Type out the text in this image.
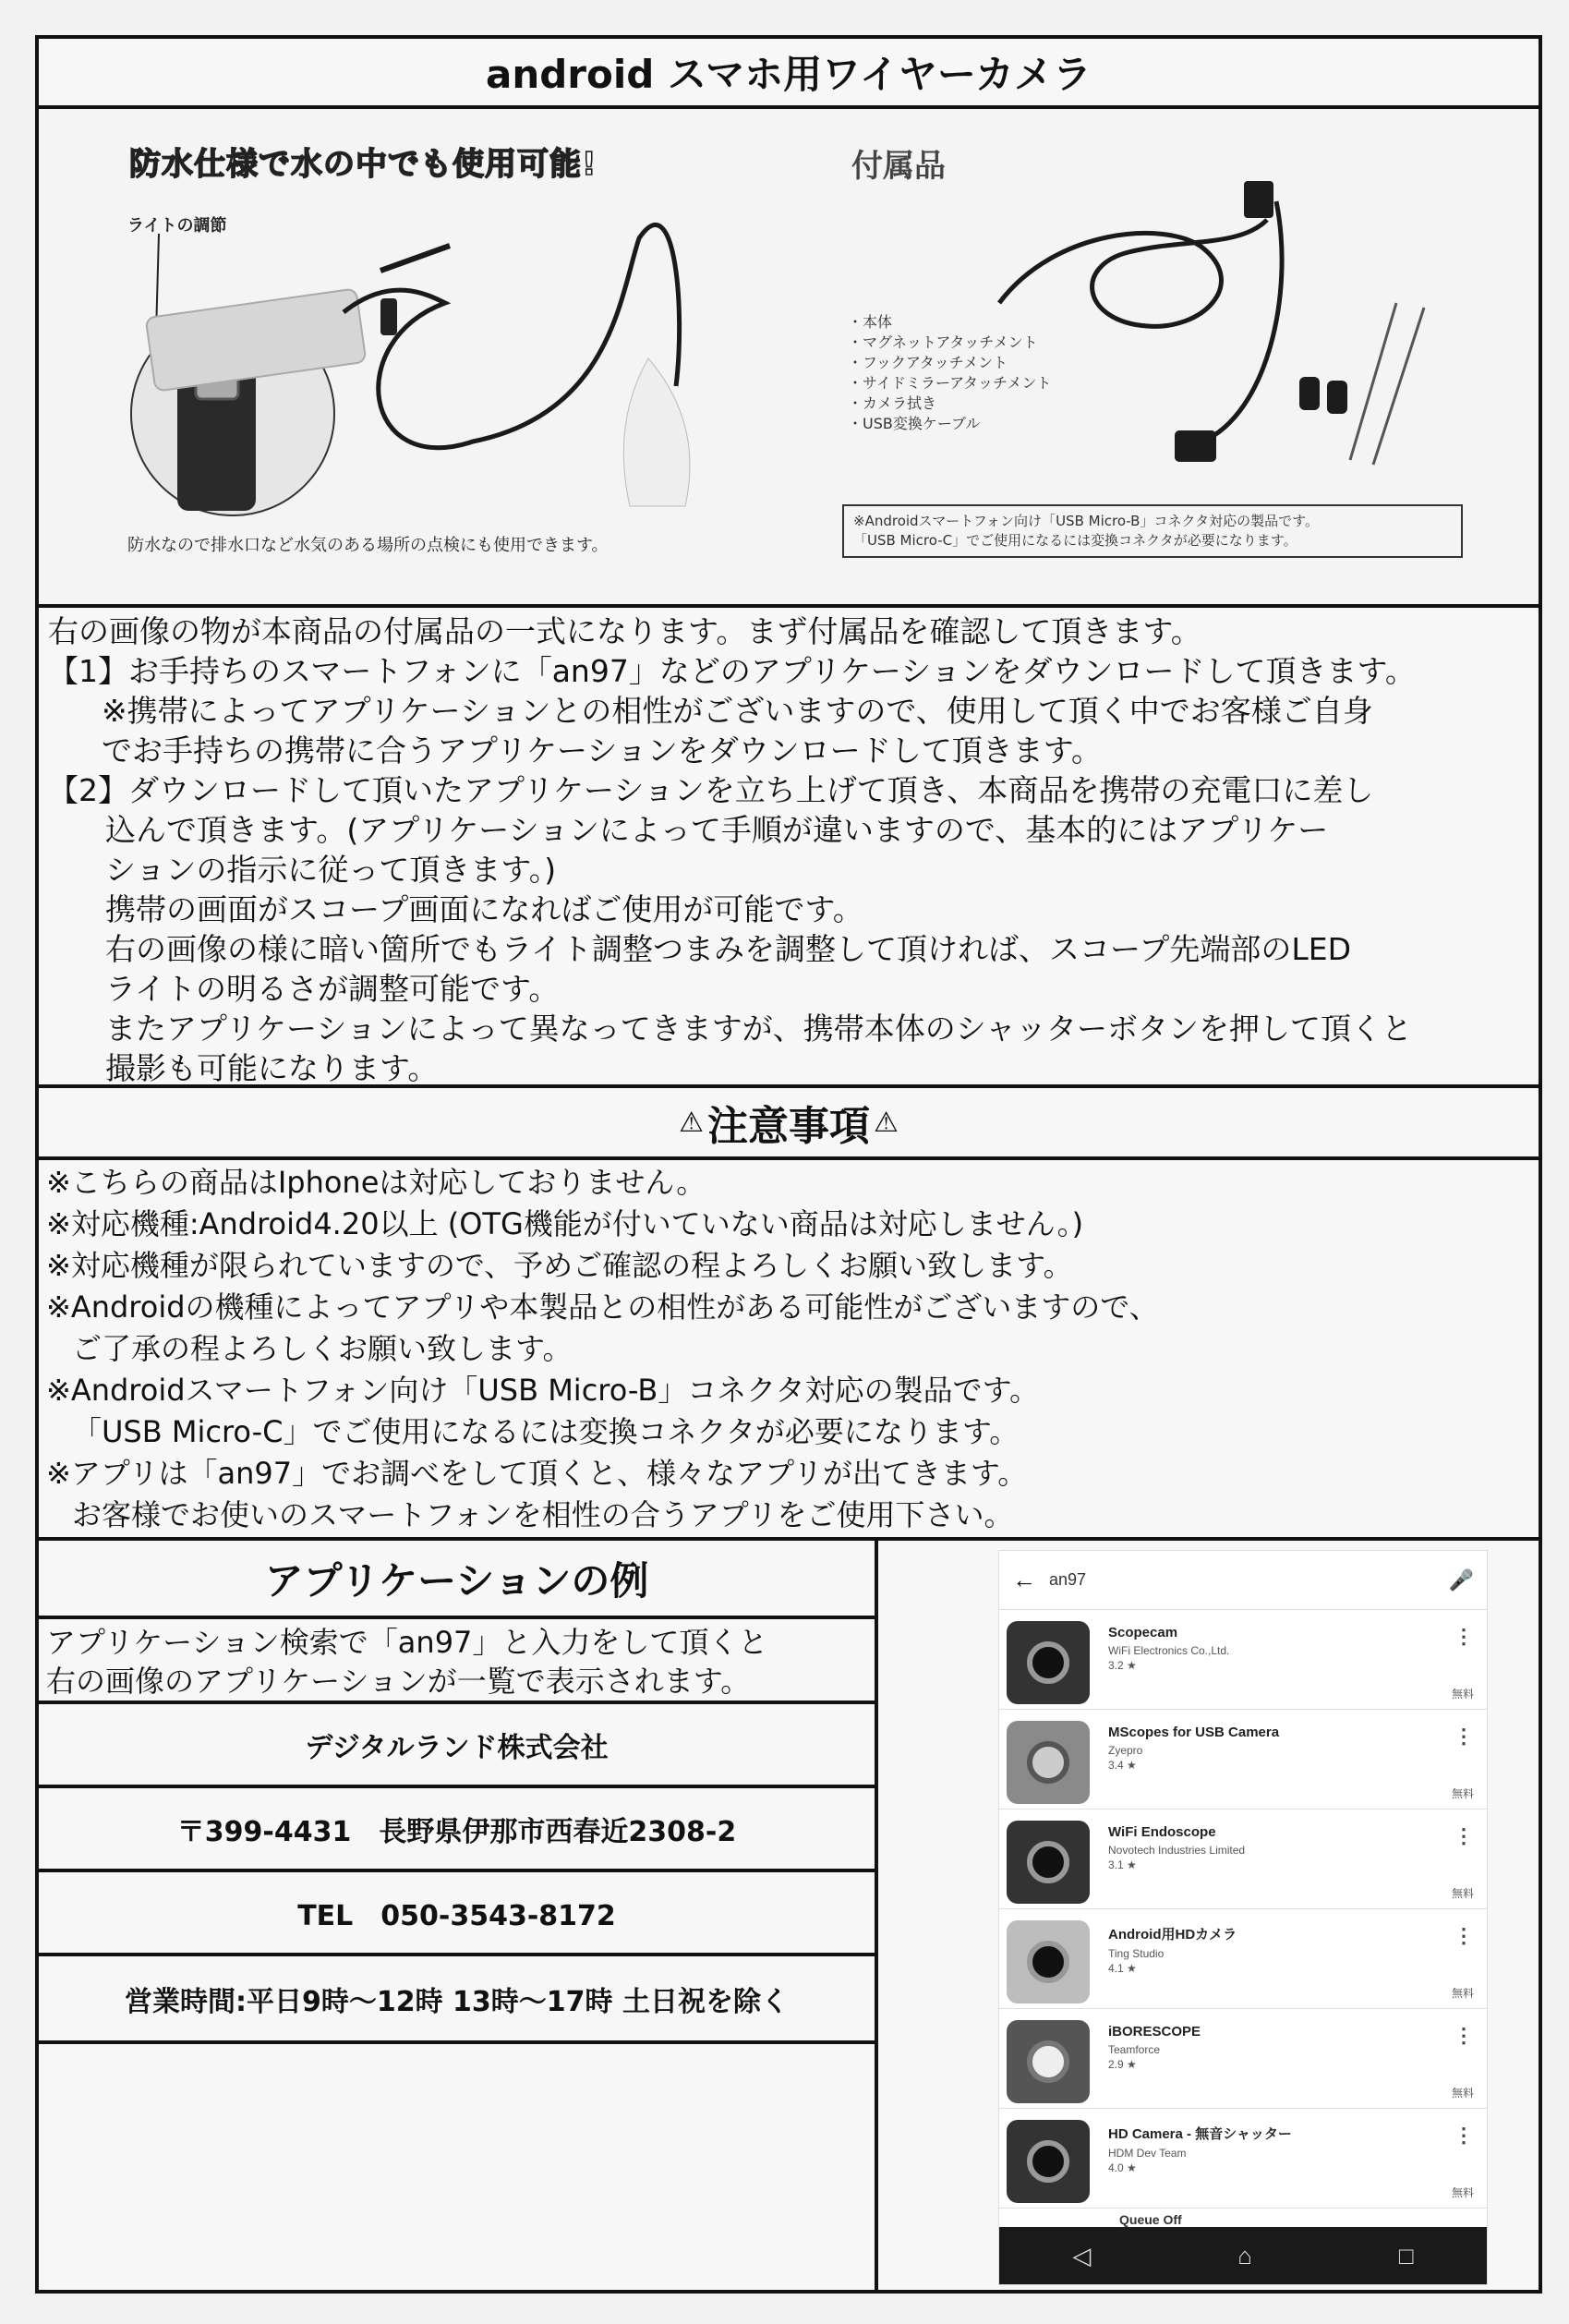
android スマホ用ワイヤーカメラ
防水仕様で水の中でも使用可能!
ライトの調節
防水なので排水口など水気のある場所の点検にも使用できます。
付属品
・ 本体
・ マグネットアタッチメント
・ フックアタッチメント
・ サイドミラーアタッチメント
・ カメラ拭き
・ USB変換ケーブル
※Androidスマートフォン向け「USB Micro-B」コネクタ対応の製品です。
「USB Micro-C」でご使用になるには変換コネクタが必要になります。
右の画像の物が本商品の付属品の一式になります。まず付属品を確認して頂きます。
【1】お手持ちのスマートフォンに「an97」などのアプリケーションをダウンロードして頂きます。
※携帯によってアプリケーションとの相性がございますので、使用して頂く中でお客様ご自身
でお手持ちの携帯に合うアプリケーションをダウンロードして頂きます。
【2】ダウンロードして頂いたアプリケーションを立ち上げて頂き、本商品を携帯の充電口に差し
込んで頂きます。(アプリケーションによって手順が違いますので、基本的にはアプリケー
ションの指示に従って頂きます。)
携帯の画面がスコープ画面になればご使用が可能です。
右の画像の様に暗い箇所でもライト調整つまみを調整して頂ければ、スコープ先端部のLED
ライトの明るさが調整可能です。
またアプリケーションによって異なってきますが、携帯本体のシャッターボタンを押して頂くと
撮影も可能になります。
⚠ 注意事項 ⚠
※こちらの商品はIphoneは対応しておりません。
※対応機種:Android4.20以上 (OTG機能が付いていない商品は対応しません。)
※対応機種が限られていますので、予めご確認の程よろしくお願い致します。
※Androidの機種によってアプリや本製品との相性がある可能性がございますので、
ご了承の程よろしくお願い致します。
※Androidスマートフォン向け「USB Micro-B」コネクタ対応の製品です。
「USB Micro-C」でご使用になるには変換コネクタが必要になります。
※アプリは「an97」でお調べをして頂くと、様々なアプリが出てきます。
お客様でお使いのスマートフォンを相性の合うアプリをご使用下さい。
アプリケーションの例
アプリケーション検索で「an97」と入力をして頂くと
右の画像のアプリケーションが一覧で表示されます。
デジタルランド株式会社
〒399-4431　長野県伊那市西春近2308-2
TEL　050-3543-8172
営業時間:平日9時～12時 13時～17時 土日祝を除く
← an97	🎤
Scopecam
WiFi Electronics Co.,Ltd.
3.2 ★
⋮
無料
MScopes for USB Camera
Zyepro
3.4 ★
⋮
無料
WiFi Endoscope
Novotech Industries Limited
3.1 ★
⋮
無料
Android用HDカメラ
Ting Studio
4.1 ★
⋮
無料
iBORESCOPE
Teamforce
2.9 ★
⋮
無料
HD Camera - 無音シャッター
HDM Dev Team
4.0 ★
⋮
無料
Queue Off
◁	⌂	□
